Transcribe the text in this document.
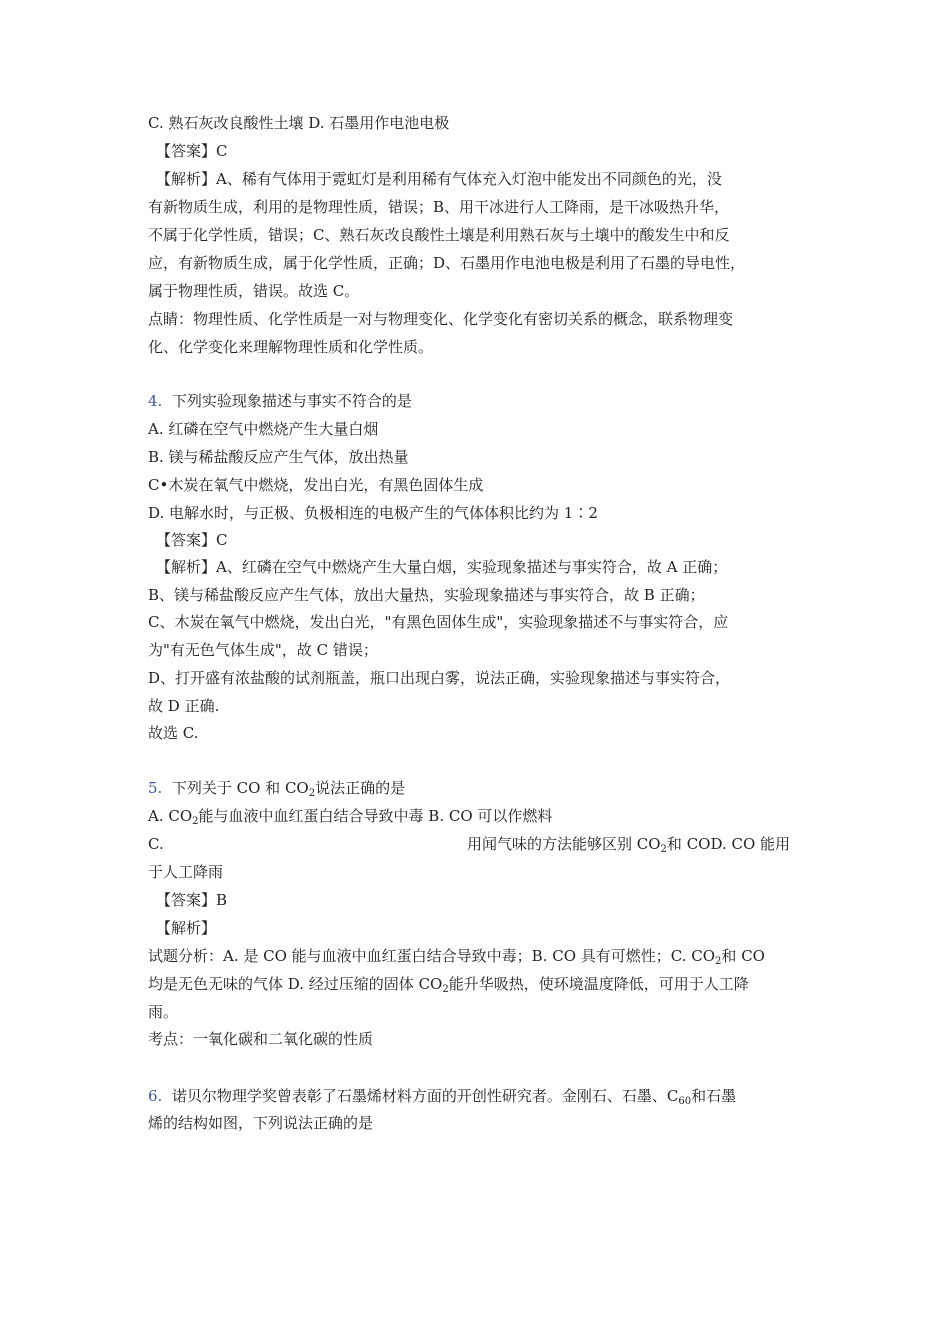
C. 熟石灰改良酸性土壤 D. 石墨用作电池电极
【答案】C
【解析】A、稀有气体用于霓虹灯是利用稀有气体充入灯泡中能发出不同颜色的光，没
有新物质生成，利用的是物理性质，错误；B、用干冰进行人工降雨，是干冰吸热升华，
不属于化学性质，错误；C、熟石灰改良酸性土壤是利用熟石灰与土壤中的酸发生中和反
应，有新物质生成，属于化学性质，正确；D、石墨用作电池电极是利用了石墨的导电性，
属于物理性质，错误。故选 C。
点睛：物理性质、化学性质是一对与物理变化、化学变化有密切关系的概念，联系物理变
化、化学变化来理解物理性质和化学性质。
4. 下列实验现象描述与事实不符合的是
A. 红磷在空气中燃烧产生大量白烟
B. 镁与稀盐酸反应产生气体，放出热量
C•木炭在氧气中燃烧，发出白光，有黑色固体生成
D. 电解水时，与正极、负极相连的电极产生的气体体积比约为 1∶2
【答案】C
【解析】A、红磷在空气中燃烧产生大量白烟，实验现象描述与事实符合，故 A 正确；
B、镁与稀盐酸反应产生气体，放出大量热，实验现象描述与事实符合，故 B 正确；
C、木炭在氧气中燃烧，发出白光，"有黑色固体生成"，实验现象描述不与事实符合，应
为"有无色气体生成"，故 C 错误；
D、打开盛有浓盐酸的试剂瓶盖，瓶口出现白雾，说法正确，实验现象描述与事实符合，
故 D 正确.
故选 C.
5. 下列关于 CO 和 $CO_2$说法正确的是
A. $CO_2$能与血液中血红蛋白结合导致中毒 B. CO 可以作燃料
C.	用闻气味的方法能够区别 $CO_2$和 COD. CO 能用
于人工降雨
【答案】B
【解析】
试题分析：A. 是 CO 能与血液中血红蛋白结合导致中毒；B. CO 具有可燃性；C. $CO_2$和 CO
均是无色无味的气体 D. 经过压缩的固体 $CO_2$能升华吸热，使环境温度降低，可用于人工降
雨。
考点：一氧化碳和二氧化碳的性质
6. 诺贝尔物理学奖曾表彰了石墨烯材料方面的开创性研究者。金刚石、石墨、$C_{60}$和石墨
烯的结构如图，下列说法正确的是
